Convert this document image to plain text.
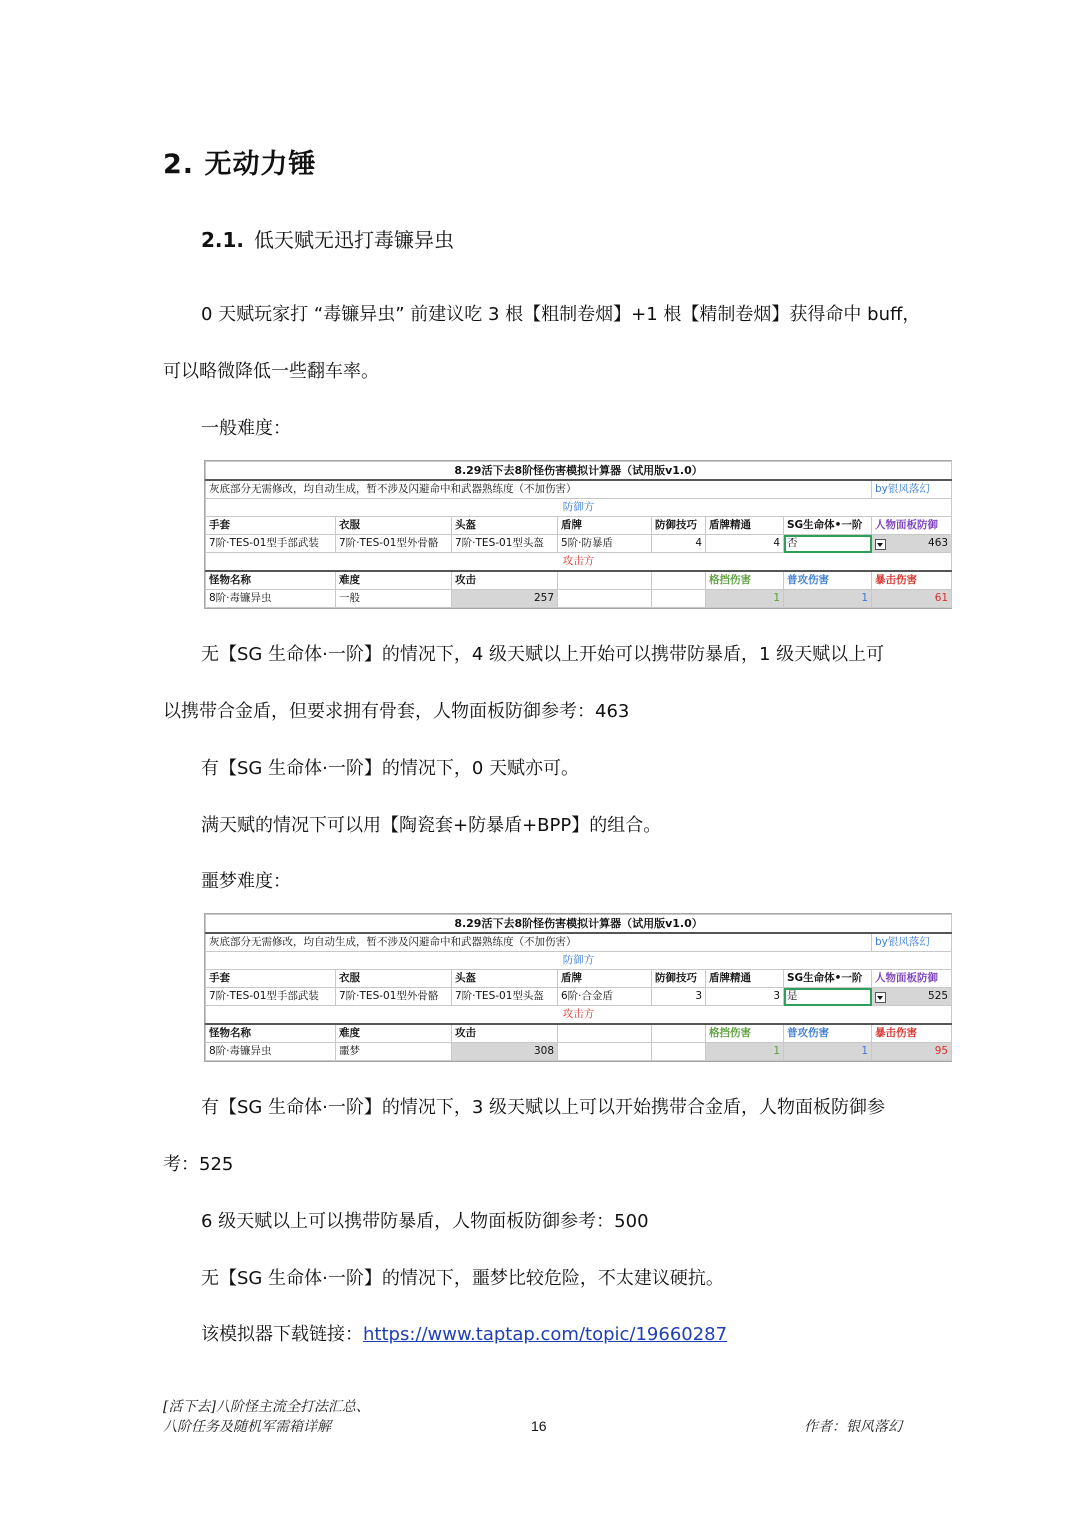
2. 无动力锤
2.1. 低天赋无迅打毒镰异虫
0 天赋玩家打 “毒镰异虫” 前建议吃 3 根【粗制卷烟】+1 根【精制卷烟】获得命中 buff，
可以略微降低一些翻车率。
一般难度：
8.29活下去8阶怪伤害模拟计算器（试用版v1.0）							
灰底部分无需修改，均自动生成，暂不涉及闪避命中和武器熟练度（不加伤害）							by银风落幻
防御方							
手套	衣服	头盔	盾牌	防御技巧	盾牌精通	SG生命体•一阶	人物面板防御
7阶·TES-01型手部武装	7阶·TES-01型外骨骼	7阶·TES-01型头盔	5阶·防暴盾	4	4	否	463
攻击方							
怪物名称	难度	攻击			格挡伤害	普攻伤害	暴击伤害
8阶·毒镰异虫	一般	257			1	1	61
无【SG 生命体·一阶】的情况下，4 级天赋以上开始可以携带防暴盾，1 级天赋以上可
以携带合金盾，但要求拥有骨套，人物面板防御参考：463
有【SG 生命体·一阶】的情况下，0 天赋亦可。
满天赋的情况下可以用【陶瓷套+防暴盾+BPP】的组合。
噩梦难度：
8.29活下去8阶怪伤害模拟计算器（试用版v1.0）							
灰底部分无需修改，均自动生成，暂不涉及闪避命中和武器熟练度（不加伤害）							by银风落幻
防御方							
手套	衣服	头盔	盾牌	防御技巧	盾牌精通	SG生命体•一阶	人物面板防御
7阶·TES-01型手部武装	7阶·TES-01型外骨骼	7阶·TES-01型头盔	6阶·合金盾	3	3	是	525
攻击方							
怪物名称	难度	攻击			格挡伤害	普攻伤害	暴击伤害
8阶·毒镰异虫	噩梦	308			1	1	95
有【SG 生命体·一阶】的情况下，3 级天赋以上可以开始携带合金盾，人物面板防御参
考：525
6 级天赋以上可以携带防暴盾，人物面板防御参考：500
无【SG 生命体·一阶】的情况下，噩梦比较危险，不太建议硬抗。
该模拟器下载链接：https://www.taptap.com/topic/19660287
[活下去]八阶怪主流全打法汇总、
八阶任务及随机军需箱详解	16	作者：银风落幻
